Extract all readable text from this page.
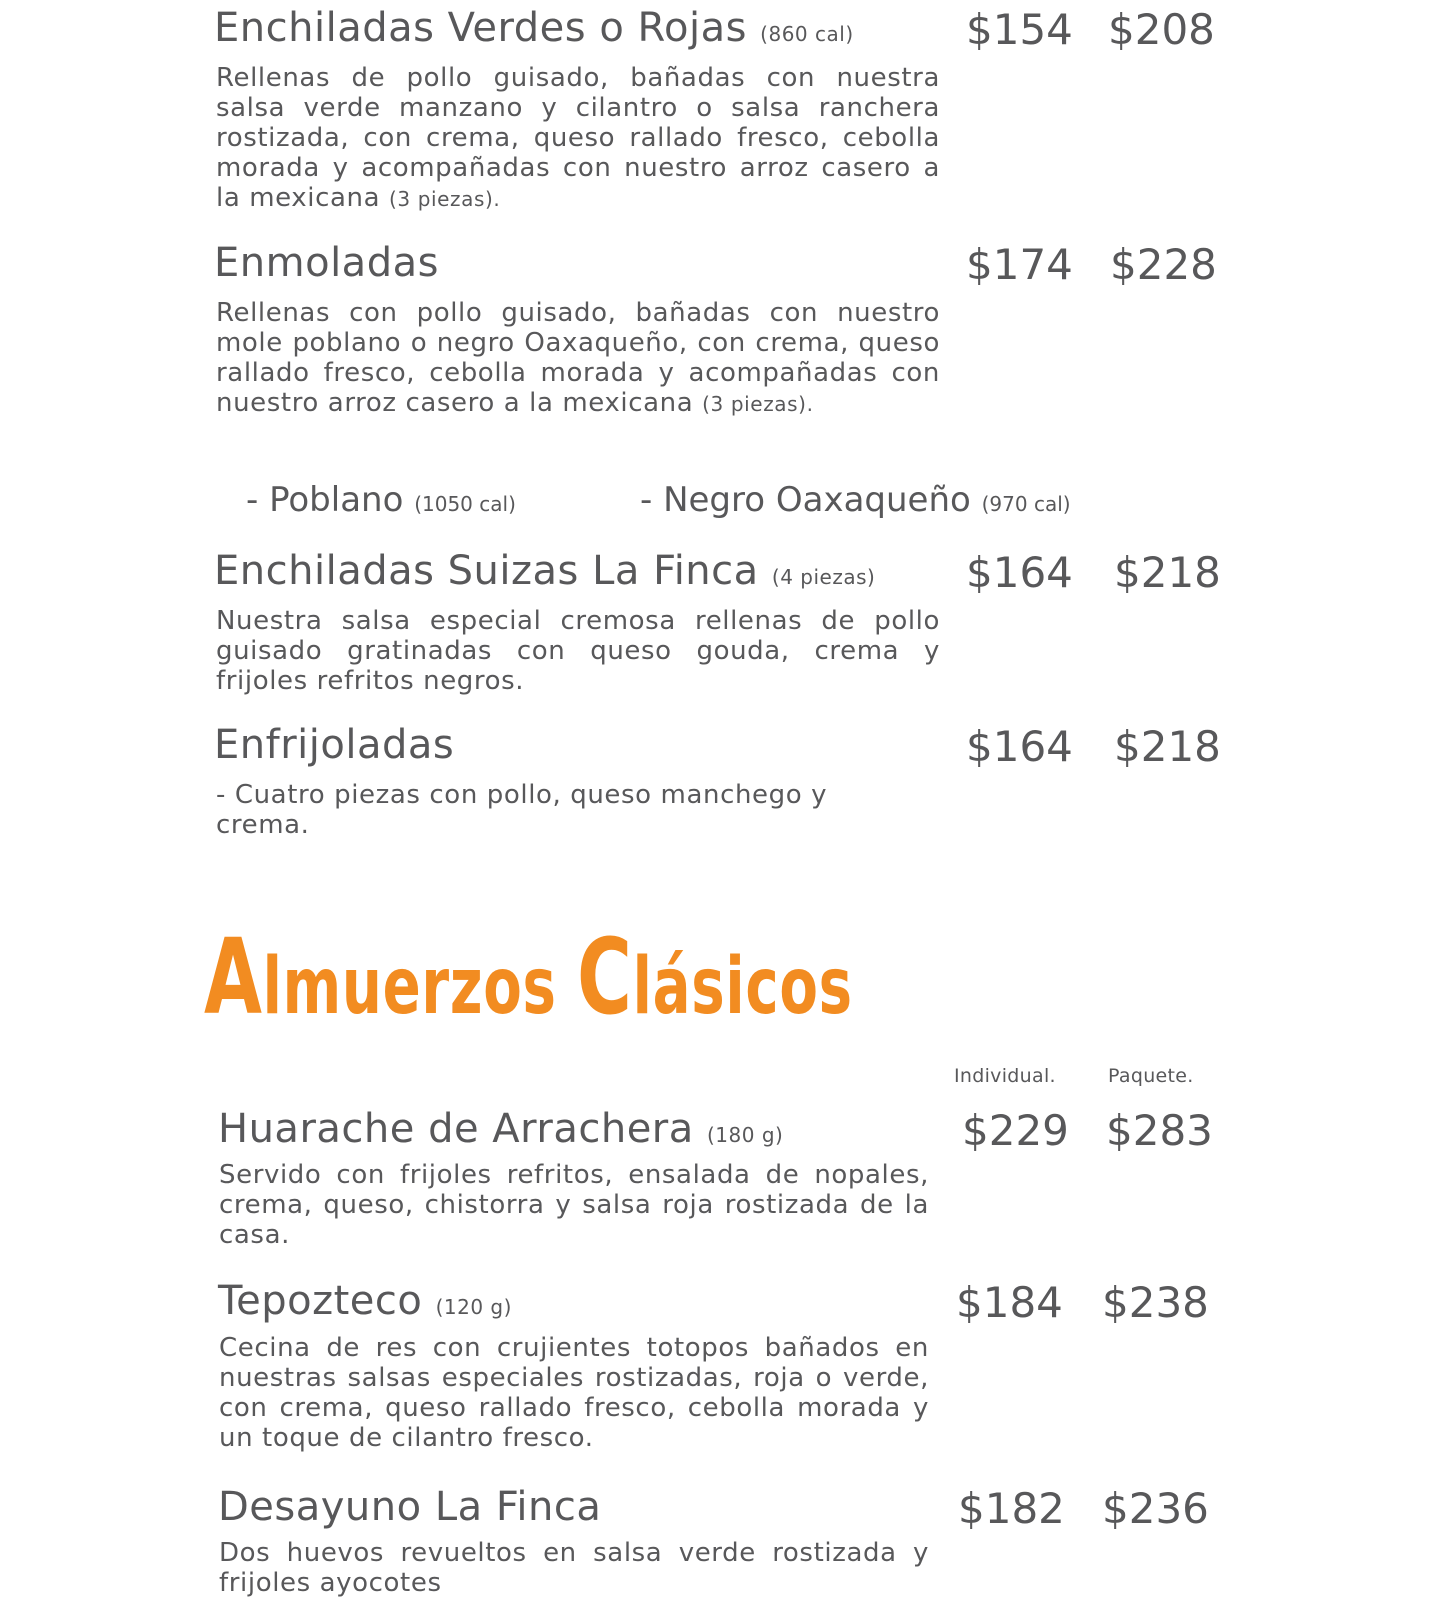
Enchiladas Verdes o Rojas (860 cal)	$154 $208
Rellenas de pollo guisado, bañadas con nuestra salsa verde manzano y cilantro o salsa ranchera rostizada, con crema, queso rallado fresco, cebolla morada y acompañadas con nuestro arroz casero a la mexicana (3 piezas).
Enmoladas	$174 $228
Rellenas con pollo guisado, bañadas con nuestro mole poblano o negro Oaxaqueño, con crema, queso rallado fresco, cebolla morada y acompañadas con nuestro arroz casero a la mexicana (3 piezas).
- Poblano (1050 cal)	- Negro Oaxaqueño (970 cal)
Enchiladas Suizas La Finca (4 piezas) $164 $218
Nuestra salsa especial cremosa rellenas de pollo guisado gratinadas con queso gouda, crema y frijoles refritos negros.
Enfrijoladas	$164 $218
- Cuatro piezas con pollo, queso manchego y crema.
Almuerzos Clásicos
Individual.	Paquete.
Huarache de Arrachera (180 g)	$229 $283
Servido con frijoles refritos, ensalada de nopales, crema, queso, chistorra y salsa roja rostizada de la casa.
Tepozteco (120 g)	$184 $238
Cecina de res con crujientes totopos bañados en nuestras salsas especiales rostizadas, roja o verde, con crema, queso rallado fresco, cebolla morada y un toque de cilantro fresco.
Desayuno La Finca	$182 $236
Dos huevos revueltos en salsa verde rostizada y frijoles ayocotes
